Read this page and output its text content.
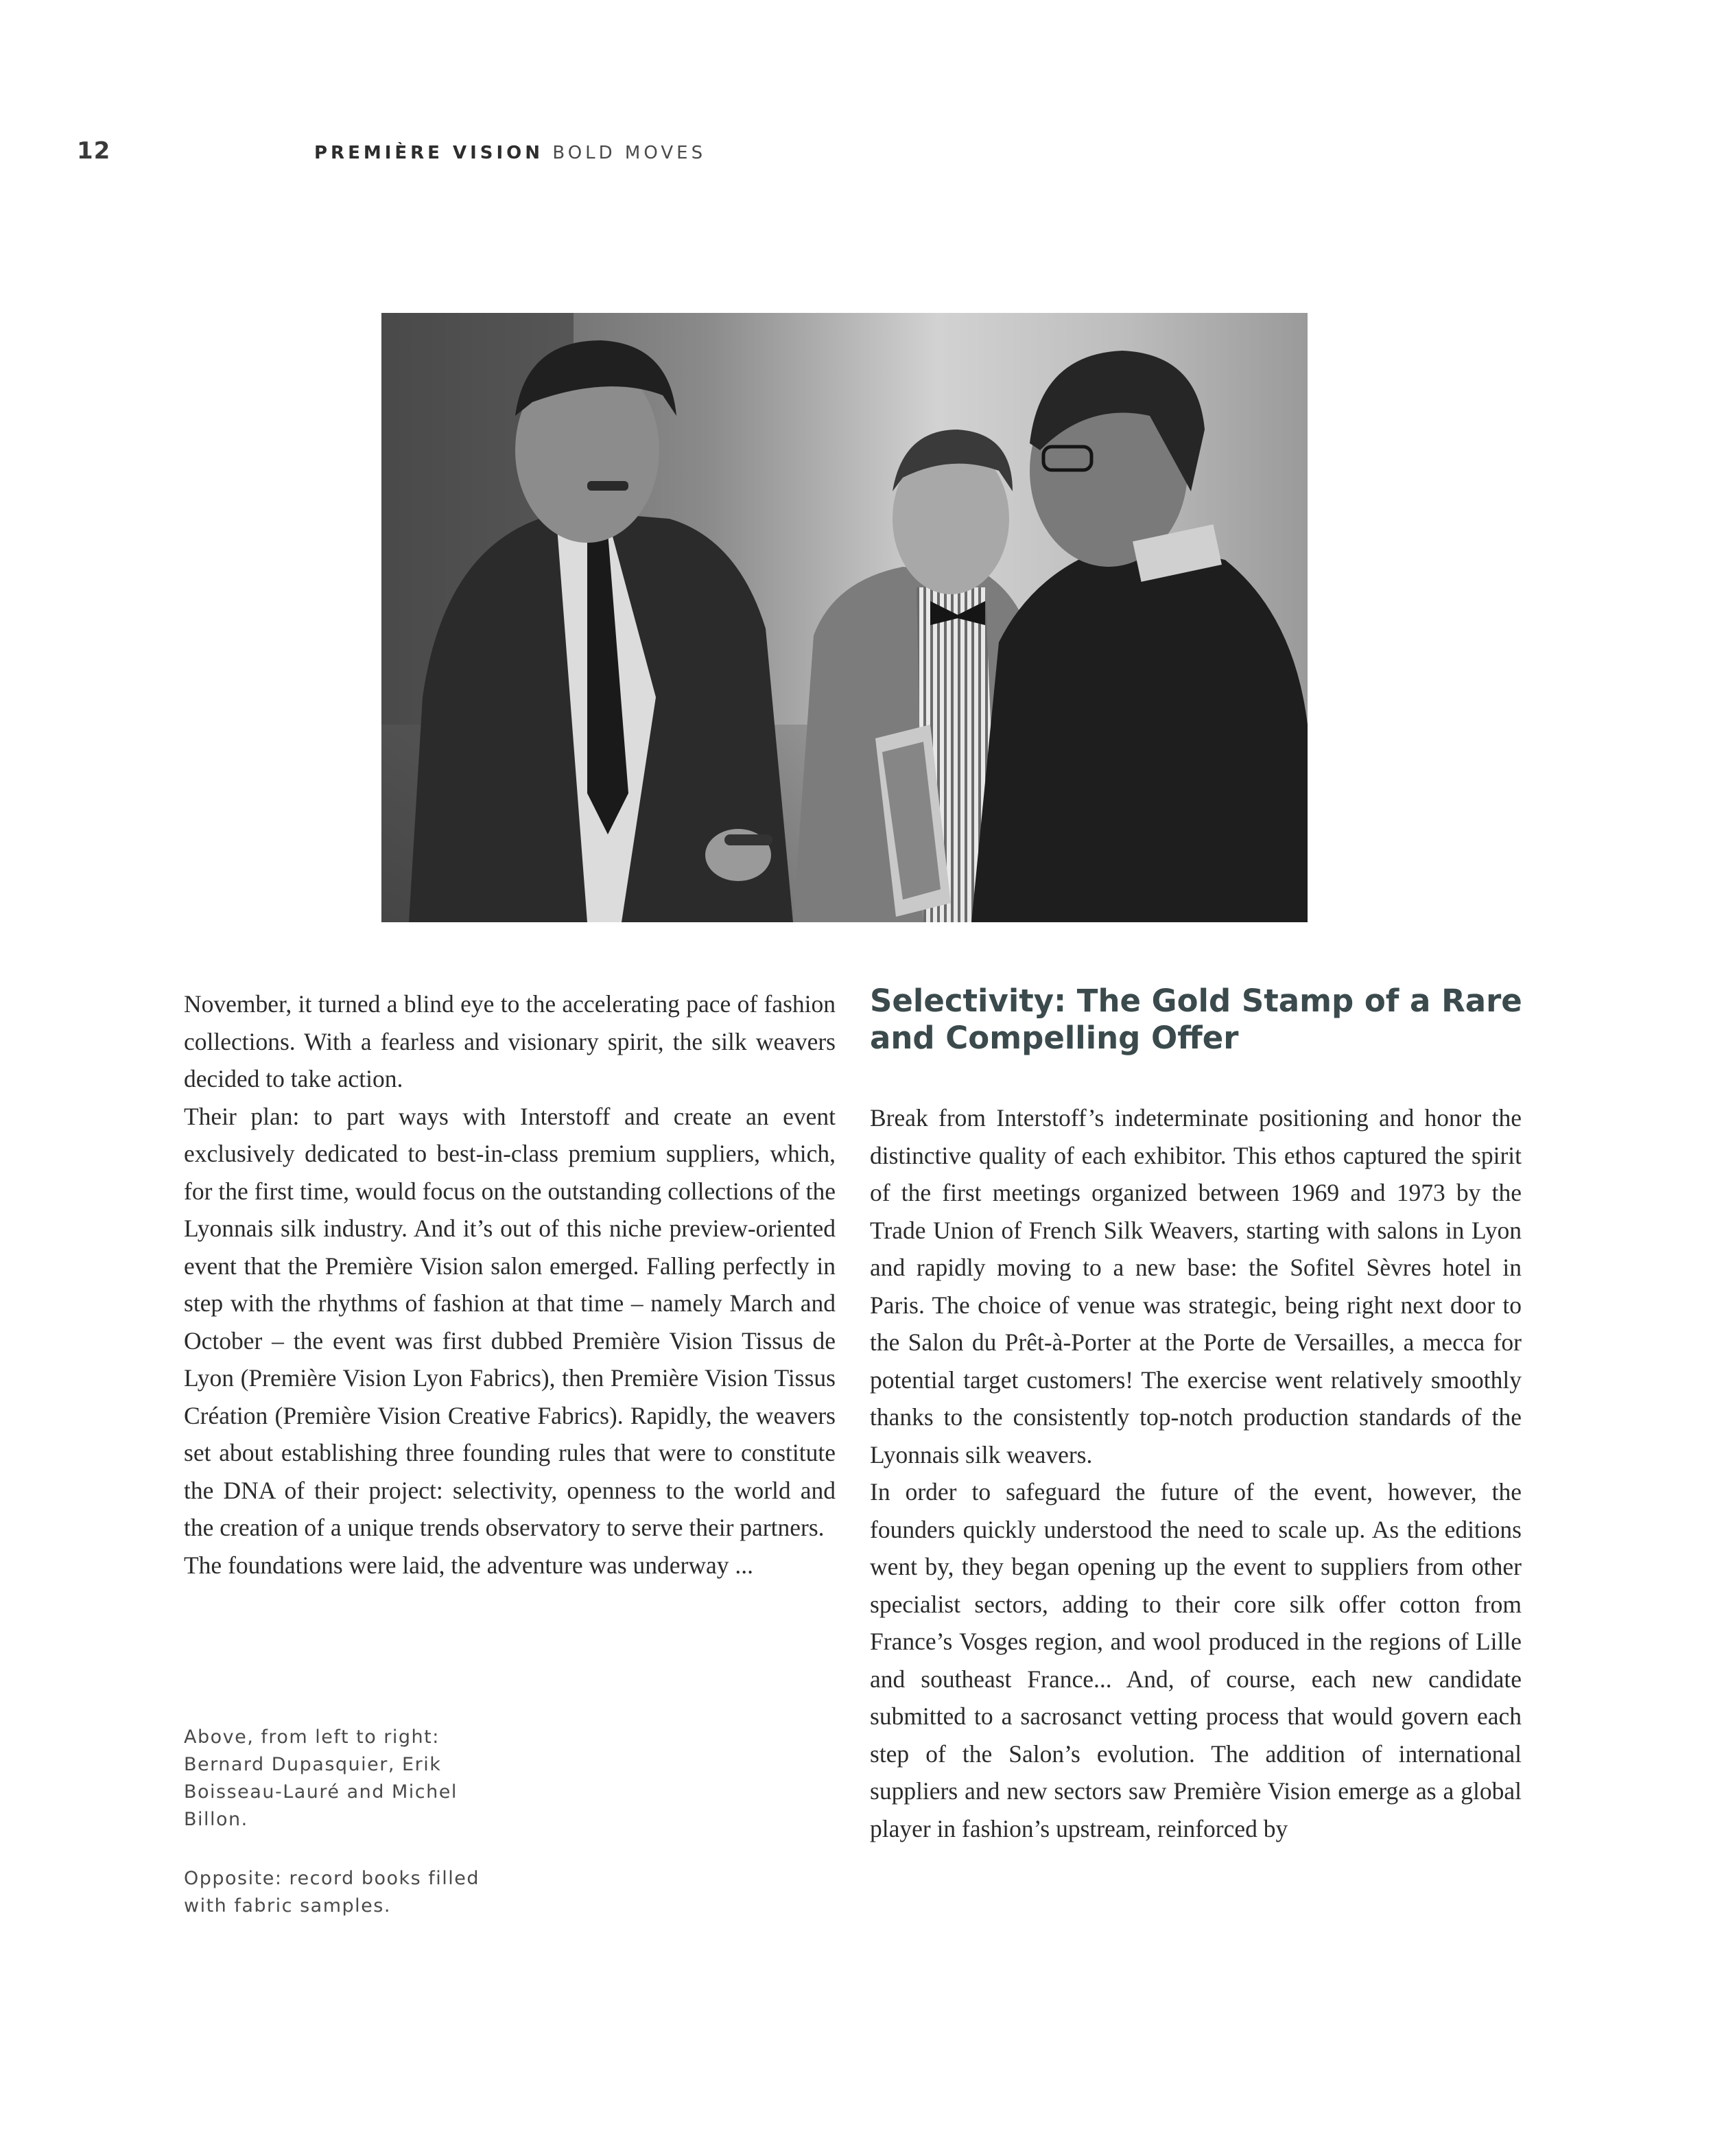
12	PREMIÈRE VISION BOLD MOVES

November, it turned a blind eye to the accelerating pace of fashion collections. With a fearless and visionary spirit, the silk weavers decided to take action.

Their plan: to part ways with Interstoff and create an event exclusively dedicated to best-in-class premium suppliers, which, for the first time, would focus on the outstanding collections of the Lyonnais silk industry. And it’s out of this niche preview-oriented event that the Première Vision salon emerged. Falling perfectly in step with the rhythms of fashion at that time – namely March and October – the event was first dubbed Première Vision Tissus de Lyon (Première Vision Lyon Fabrics), then Première Vision Tissus Création (Première Vision Creative Fabrics). Rapidly, the weavers set about establishing three founding rules that were to constitute the DNA of their project: selectivity, openness to the world and the creation of a unique trends observatory to serve their partners.

The foundations were laid, the adventure was underway ...

Above, from left to right: Bernard Dupasquier, Erik Boisseau-Lauré and Michel Billon.

Opposite: record books filled with fabric samples.

Selectivity: The Gold Stamp of a Rare and Compelling Offer

Break from Interstoff’s indeterminate positioning and honor the distinctive quality of each exhibitor. This ethos captured the spirit of the first meetings organized between 1969 and 1973 by the Trade Union of French Silk Weavers, starting with salons in Lyon and rapidly moving to a new base: the Sofitel Sèvres hotel in Paris. The choice of venue was strategic, being right next door to the Salon du Prêt-à-Porter at the Porte de Versailles, a mecca for potential target customers! The exercise went relatively smoothly thanks to the consistently top-notch production standards of the Lyonnais silk weavers.

In order to safeguard the future of the event, however, the founders quickly understood the need to scale up. As the editions went by, they began opening up the event to suppliers from other specialist sectors, adding to their core silk offer cotton from France’s Vosges region, and wool produced in the regions of Lille and southeast France... And, of course, each new candidate submitted to a sacrosanct vetting process that would govern each step of the Salon’s evolution. The addition of international suppliers and new sectors saw Première Vision emerge as a global player in fashion’s upstream, reinforced by
